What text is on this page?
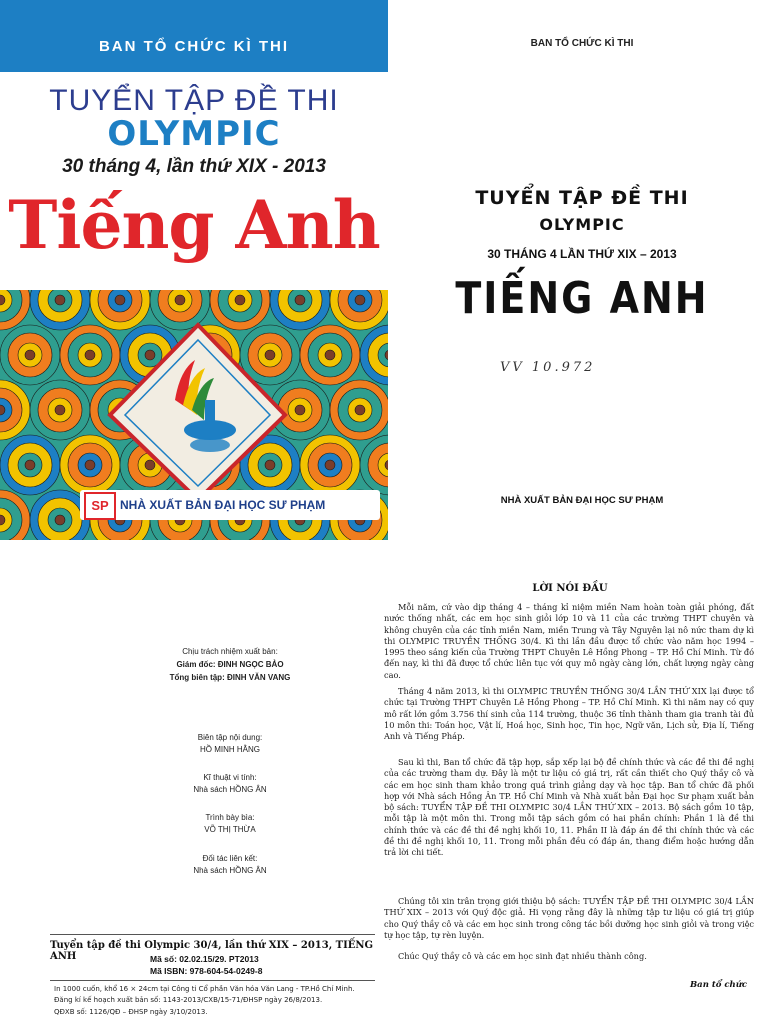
BAN TỔ CHỨC KÌ THI
TUYỂN TẬP ĐỀ THI
OLYMPIC
30 tháng 4, lần thứ XIX - 2013
Tiếng Anh
SP NHÀ XUẤT BẢN ĐẠI HỌC SƯ PHẠM
BAN TỔ CHỨC KÌ THI
TUYỂN TẬP ĐỀ THI
OLYMPIC
30 THÁNG 4 LẦN THỨ XIX – 2013
TIẾNG ANH
VV 10.972
NHÀ XUẤT BẢN ĐẠI HỌC SƯ PHẠM
Chịu trách nhiệm xuất bản:
Giám đốc: ĐINH NGỌC BẢO
Tổng biên tập: ĐINH VĂN VANG
Biên tập nội dung:
HỒ MINH HẰNG
Kĩ thuật vi tính:
Nhà sách HỒNG ÂN
Trình bày bìa:
VÕ THỊ THỪA
Đối tác liên kết:
Nhà sách HỒNG ÂN
Tuyển tập đề thi Olympic 30/4, lần thứ XIX – 2013, TIẾNG ANH	Mã số: 02.02.15/29. PT2013
Mã ISBN: 978-604-54-0249-8
In 1000 cuốn, khổ 16 × 24cm tại Công ti Cổ phần Văn hóa Văn Lang - TP.Hồ Chí Minh.
Đăng kí kế hoạch xuất bản số: 1143-2013/CXB/15-71/ĐHSP ngày 26/8/2013.
QĐXB số: 1126/QĐ – ĐHSP ngày 3/10/2013.
LỜI NÓI ĐẦU
Mỗi năm, cứ vào dịp tháng 4 – tháng kỉ niệm miền Nam hoàn toàn giải phóng, đất nước thống nhất, các em học sinh giỏi lớp 10 và 11 của các trường THPT chuyên và không chuyên của các tỉnh miền Nam, miền Trung và Tây Nguyên lại nô nức tham dự kì thi OLYMPIC TRUYỀN THỐNG 30/4. Kì thi lần đầu được tổ chức vào năm học 1994 – 1995 theo sáng kiến của Trường THPT Chuyên Lê Hồng Phong – TP. Hồ Chí Minh. Từ đó đến nay, kì thi đã được tổ chức liên tục với quy mô ngày càng lớn, chất lượng ngày càng cao.
Tháng 4 năm 2013, kì thi OLYMPIC TRUYỀN THỐNG 30/4 LẦN THỨ XIX lại được tổ chức tại Trường THPT Chuyên Lê Hồng Phong – TP. Hồ Chí Minh. Kì thi năm nay có quy mô rất lớn gồm 3.756 thí sinh của 114 trường, thuộc 36 tỉnh thành tham gia tranh tài đủ 10 môn thi: Toán học, Vật lí, Hoá học, Sinh học, Tin học, Ngữ văn, Lịch sử, Địa lí, Tiếng Anh và Tiếng Pháp.
Sau kì thi, Ban tổ chức đã tập hợp, sắp xếp lại bộ đề chính thức và các đề thi đề nghị của các trường tham dự. Đây là một tư liệu có giá trị, rất cần thiết cho Quý thầy cô và các em học sinh tham khảo trong quá trình giảng dạy và học tập. Ban tổ chức đã phối hợp với Nhà sách Hồng Ân TP. Hồ Chí Minh và Nhà xuất bản Đại học Sư phạm xuất bản bộ sách: TUYỂN TẬP ĐỀ THI OLYMPIC 30/4 LẦN THỨ XIX – 2013. Bộ sách gồm 10 tập, mỗi tập là một môn thi. Trong mỗi tập sách gồm có hai phần chính: Phần 1 là đề thi chính thức và các đề thi đề nghị khối 10, 11. Phần II là đáp án đề thi chính thức và các đề thi đề nghị khối 10, 11. Trong mỗi phần đều có đáp án, thang điểm hoặc hướng dẫn trả lời chi tiết.
Chúng tôi xin trân trọng giới thiệu bộ sách: TUYỂN TẬP ĐỀ THI OLYMPIC 30/4 LẦN THỨ XIX – 2013 với Quý độc giả. Hi vọng rằng đây là những tập tư liệu có giá trị giúp cho Quý thầy cô và các em học sinh trong công tác bồi dưỡng học sinh giỏi và trong việc tự học tập, tự rèn luyện.
Chúc Quý thầy cô và các em học sinh đạt nhiều thành công.
Ban tổ chức
